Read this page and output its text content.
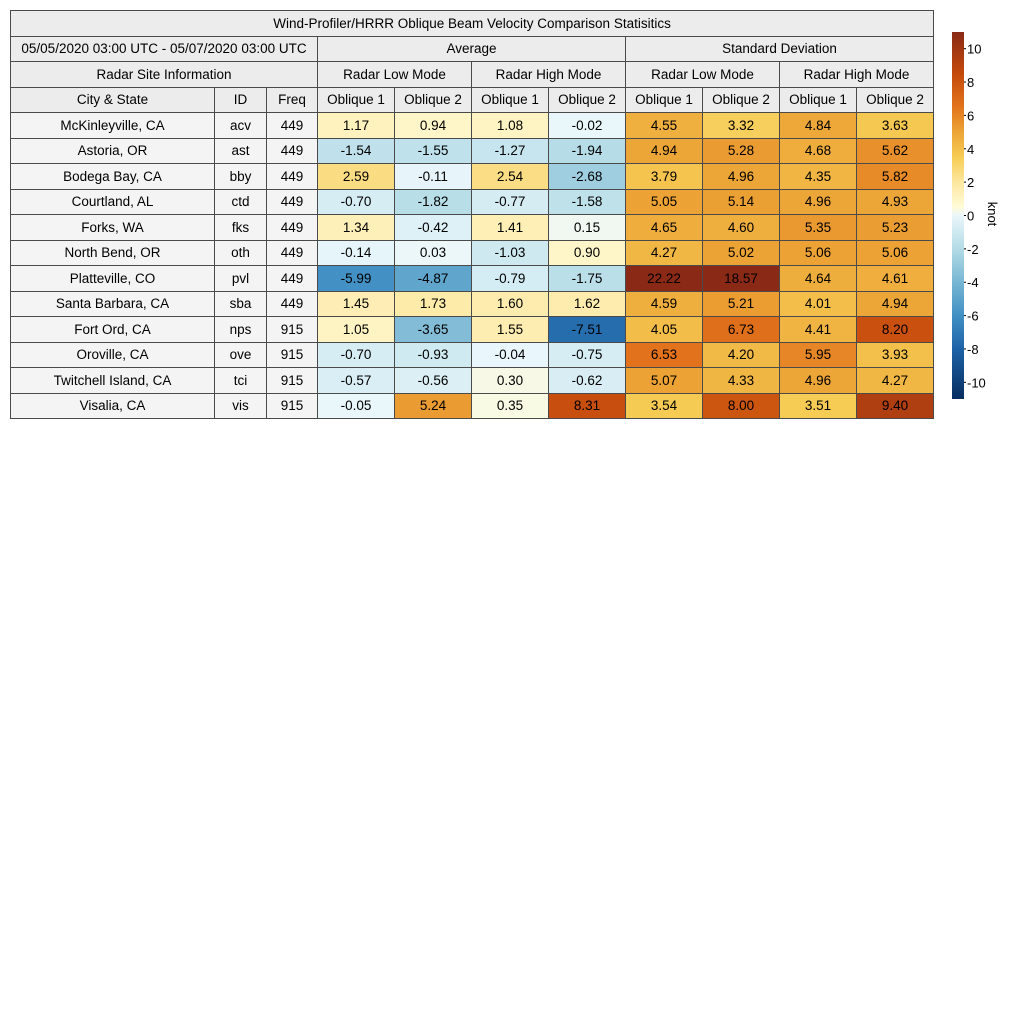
Wind-Profiler/HRRR Oblique Beam Velocity Comparison Statisitics										
05/05/2020 03:00 UTC - 05/07/2020 03:00 UTC			Average				Standard Deviation			
Radar Site Information			Radar Low Mode		Radar High Mode		Radar Low Mode		Radar High Mode	
City & State	ID	Freq	Oblique 1	Oblique 2	Oblique 1	Oblique 2	Oblique 1	Oblique 2	Oblique 1	Oblique 2
McKinleyville, CA	acv	449	1.17	0.94	1.08	-0.02	4.55	3.32	4.84	3.63
Astoria, OR	ast	449	-1.54	-1.55	-1.27	-1.94	4.94	5.28	4.68	5.62
Bodega Bay, CA	bby	449	2.59	-0.11	2.54	-2.68	3.79	4.96	4.35	5.82
Courtland, AL	ctd	449	-0.70	-1.82	-0.77	-1.58	5.05	5.14	4.96	4.93
Forks, WA	fks	449	1.34	-0.42	1.41	0.15	4.65	4.60	5.35	5.23
North Bend, OR	oth	449	-0.14	0.03	-1.03	0.90	4.27	5.02	5.06	5.06
Platteville, CO	pvl	449	-5.99	-4.87	-0.79	-1.75	22.22	18.57	4.64	4.61
Santa Barbara, CA	sba	449	1.45	1.73	1.60	1.62	4.59	5.21	4.01	4.94
Fort Ord, CA	nps	915	1.05	-3.65	1.55	-7.51	4.05	6.73	4.41	8.20
Oroville, CA	ove	915	-0.70	-0.93	-0.04	-0.75	6.53	4.20	5.95	3.93
Twitchell Island, CA	tci	915	-0.57	-0.56	0.30	-0.62	5.07	4.33	4.96	4.27
Visalia, CA	vis	915	-0.05	5.24	0.35	8.31	3.54	8.00	3.51	9.40
10
8
6
4
2
0
-2
-4
-6
-8
-10
knot
